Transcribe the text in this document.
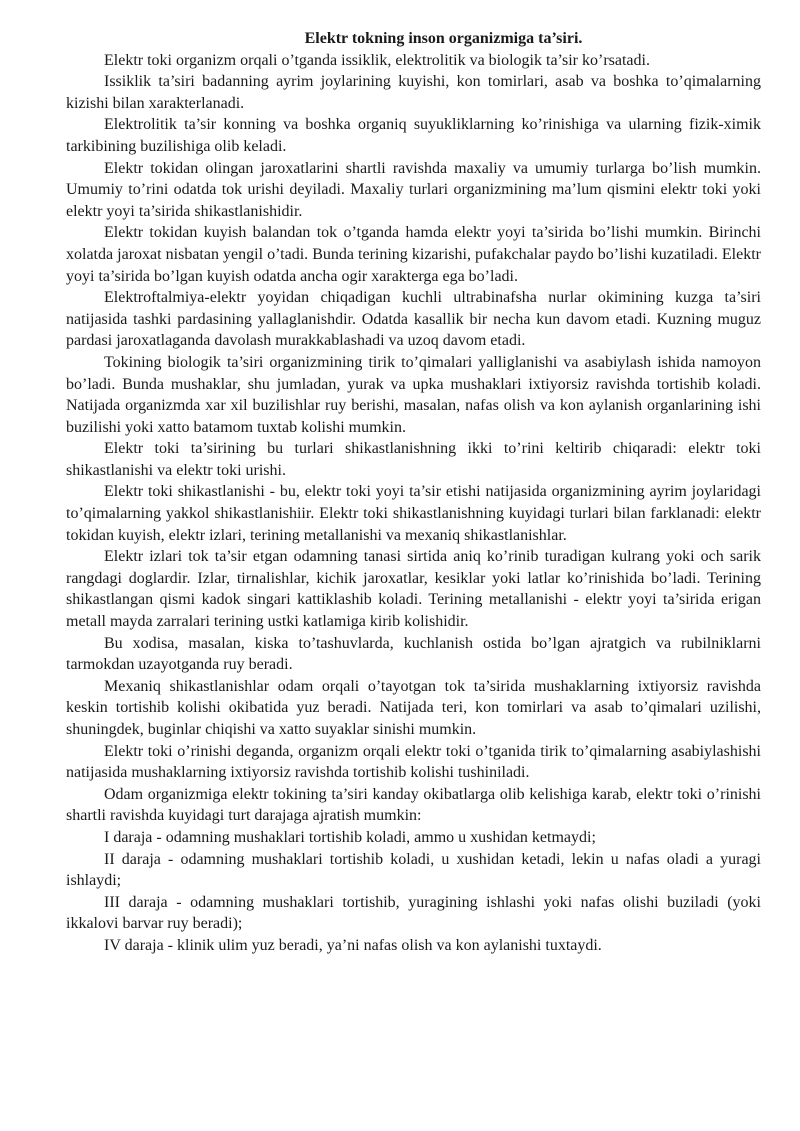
Elektr tokning inson organizmiga ta’siri.

Elektr toki organizm orqali o’tganda issiklik, elektrolitik va biologik ta’sir ko’rsatadi.

Issiklik ta’siri badanning ayrim joylarining kuyishi, kon tomirlari, asab va boshka to’qimalarning kizishi bilan xarakterlanadi.

Elektrolitik ta’sir konning va boshka organiq suyukliklarning ko’rinishiga va ularning fizik-ximik tarkibining buzilishiga olib keladi.

Elektr tokidan olingan jaroxatlarini shartli ravishda maxaliy va umumiy turlarga bo’lish mumkin. Umumiy to’rini odatda tok urishi deyiladi. Maxaliy turlari organizmining ma’lum qismini elektr toki yoki elektr yoyi ta’sirida shikastlanishidir.

Elektr tokidan kuyish balandan tok o’tganda hamda elektr yoyi ta’sirida bo’lishi mumkin. Birinchi xolatda jaroxat nisbatan yengil o’tadi. Bunda terining kizarishi, pufakchalar paydo bo’lishi kuzatiladi. Elektr yoyi ta’sirida bo’lgan kuyish odatda ancha ogir xarakterga ega bo’ladi.

Elektroftalmiya-elektr yoyidan chiqadigan kuchli ultrabinafsha nurlar okimining kuzga ta’siri natijasida tashki pardasining yallaglanishdir. Odatda kasallik bir necha kun davom etadi. Kuzning muguz pardasi jaroxatlaganda davolash murakkablashadi va uzoq davom etadi.

Tokining biologik ta’siri organizmining tirik to’qimalari yalliglanishi va asabiylash ishida namoyon bo’ladi. Bunda mushaklar, shu jumladan, yurak va upka mushaklari ixtiyorsiz ravishda tortishib koladi. Natijada organizmda xar xil buzilishlar ruy berishi, masalan, nafas olish va kon aylanish organlarining ishi buzilishi yoki xatto batamom tuxtab kolishi mumkin.

Elektr toki ta’sirining bu turlari shikastlanishning ikki to’rini keltirib chiqaradi: elektr toki shikastlanishi va elektr toki urishi.

Elektr toki shikastlanishi - bu, elektr toki yoyi ta’sir etishi natijasida organizmining ayrim joylaridagi to’qimalarning yakkol shikastlanishiir. Elektr toki shikastlanishning kuyidagi turlari bilan farklanadi: elektr tokidan kuyish, elektr izlari, terining metallanishi va mexaniq shikastlanishlar.

Elektr izlari tok ta’sir etgan odamning tanasi sirtida aniq ko’rinib turadigan kulrang yoki och sarik rangdagi doglardir. Izlar, tirnalishlar, kichik jaroxatlar, kesiklar yoki latlar ko’rinishida bo’ladi. Terining shikastlangan qismi kadok singari kattiklashib koladi. Terining metallanishi - elektr yoyi ta’sirida erigan metall mayda zarralari terining ustki katlamiga kirib kolishidir.

Bu xodisa, masalan, kiska to’tashuvlarda, kuchlanish ostida bo’lgan ajratgich va rubilniklarni tarmokdan uzayotganda ruy beradi.

Mexaniq shikastlanishlar odam orqali o’tayotgan tok ta’sirida mushaklarning ixtiyorsiz ravishda keskin tortishib kolishi okibatida yuz beradi. Natijada teri, kon tomirlari va asab to’qimalari uzilishi, shuningdek, buginlar chiqishi va xatto suyaklar sinishi mumkin.

Elektr toki o’rinishi deganda, organizm orqali elektr toki o’tganida tirik to’qimalarning asabiylashishi natijasida mushaklarning ixtiyorsiz ravishda tortishib kolishi tushiniladi.

Odam organizmiga elektr tokining ta’siri kanday okibatlarga olib kelishiga karab, elektr toki o’rinishi shartli ravishda kuyidagi turt darajaga ajratish mumkin:

I daraja - odamning mushaklari tortishib koladi, ammo u xushidan ketmaydi;

II daraja - odamning mushaklari tortishib koladi, u xushidan ketadi, lekin u nafas oladi a yuragi ishlaydi;

III daraja - odamning mushaklari tortishib, yuragining ishlashi yoki nafas olishi buziladi (yoki ikkalovi barvar ruy beradi);

IV daraja - klinik ulim yuz beradi, ya’ni nafas olish va kon aylanishi tuxtaydi.
